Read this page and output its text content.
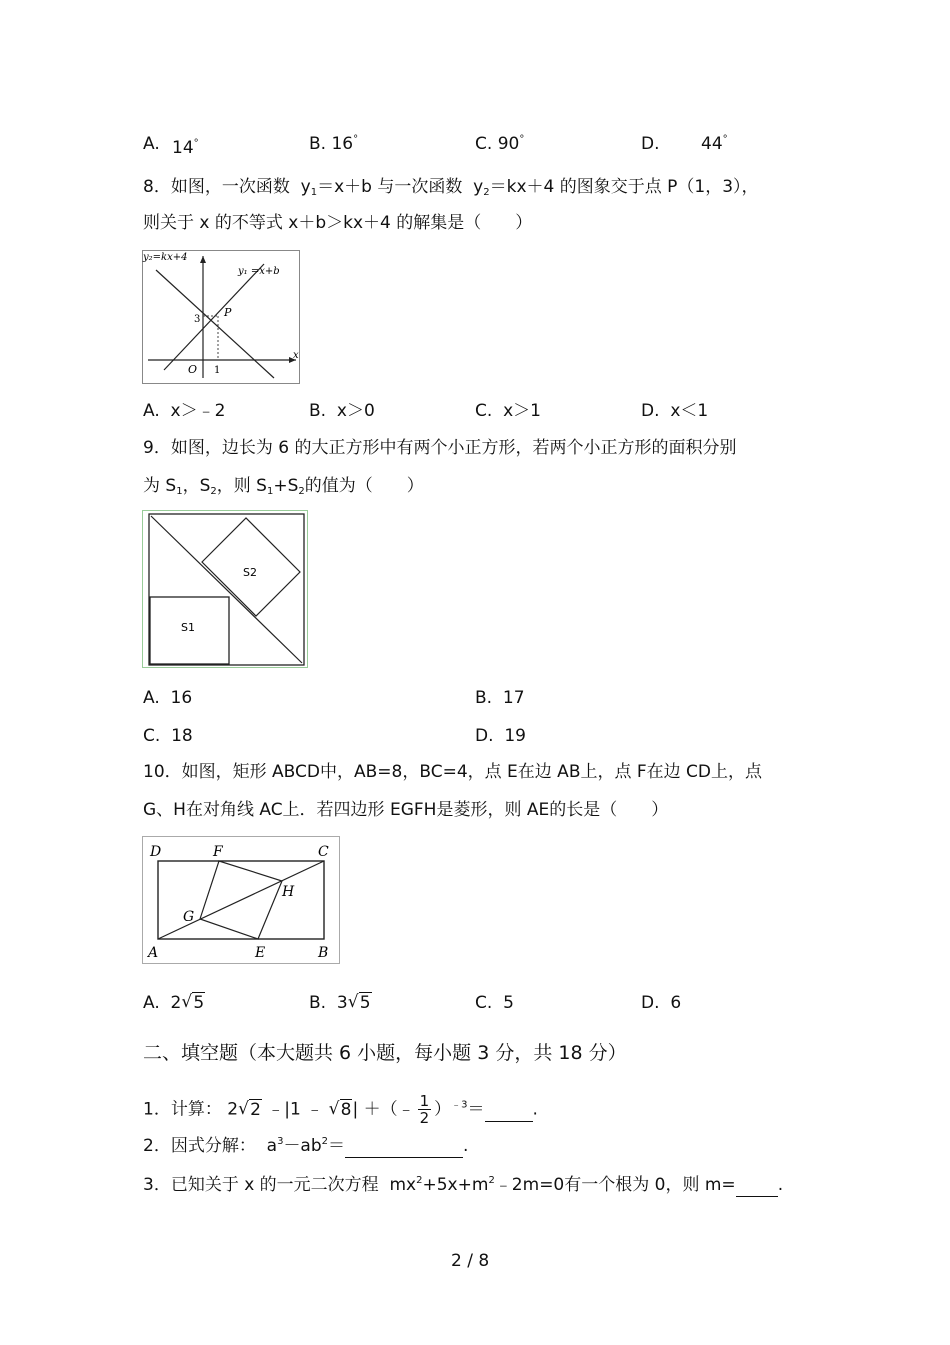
A. 14°	B. 16°	C. 90°	D. 44°
8．如图，一次函数 $y_1=x+b$ 与一次函数 $y_2=kx+4$ 的图象交于点 P（1，3），
则关于 x 的不等式 x＋b＞kx＋4 的解集是（　　）
y₂=kx+4
y₁ =x+b
P
3
O 1
x
A. x＞﹣2	B. x＞0	C. x＞1	D. x＜1
9．如图，边长为 6 的大正方形中有两个小正方形，若两个小正方形的面积分别
为 $S_1$，$S_2$，则 $S_1+S_2$的值为（　　）
S2
S1
A. 16	B. 17
C. 18	D. 19
10．如图，矩形 ABCD中，AB=8，BC=4，点 E在边 AB上，点 F在边 CD上，点
G、H在对角线 AC上．若四边形 EGFH是菱形，则 AE的长是（　　）
D	F	C
H
G
A	E	B
A. 2 √ 5	B. 3 √ 5	C. 5	D. 6
二、填空题（本大题共 6 小题，每小题 3 分，共 18 分）
1．计算： 2 √ 2 ﹣|1 ﹣ √ 8| ＋（﹣ $\frac{1}{2} )^{﹣3}=$	.
2．因式分解： $a^3-ab^2=$	.
3．已知关于 x 的一元二次方程 $mx^2+5x+m^2﹣2m=0$有一个根为 0，则 m= .
2 / 8
